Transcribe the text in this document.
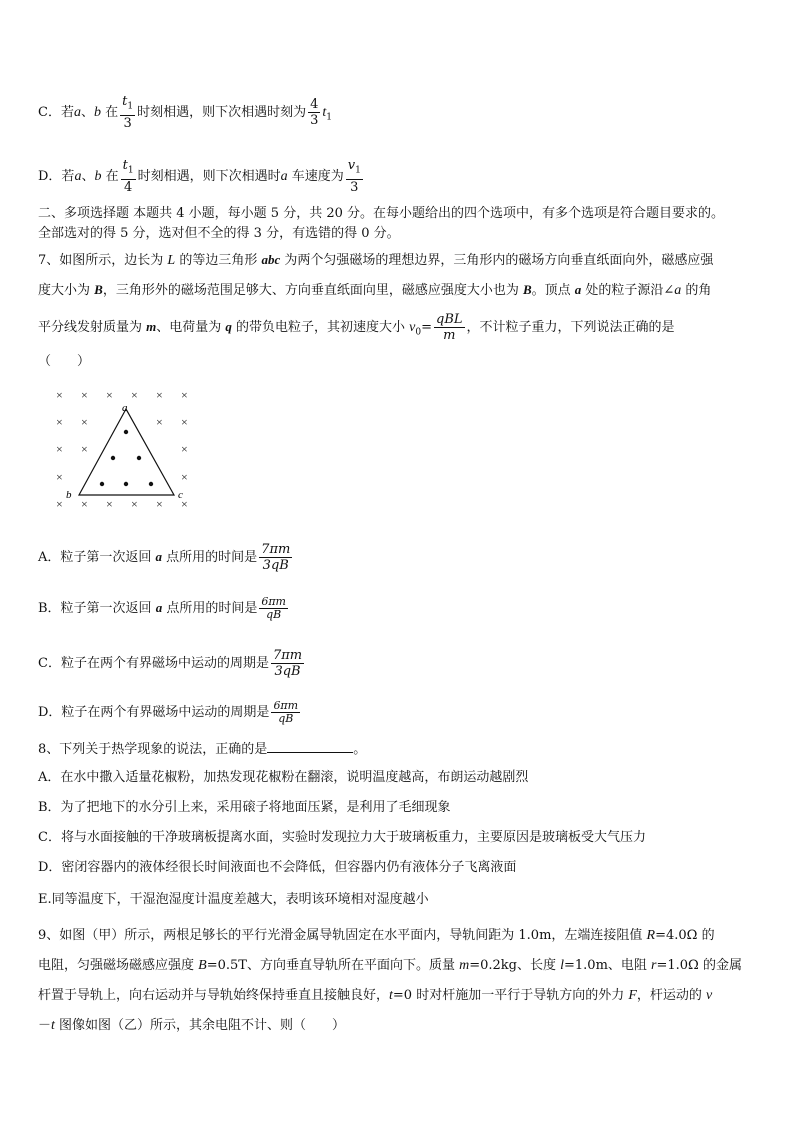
C．若a、b 在 $\frac{t_1}{3}$ 时刻相遇，则下次相遇时刻为 $\frac{4}{3} t_1$
D．若a、b 在 $\frac{t_1}{4}$ 时刻相遇，则下次相遇时a 车速度为 $\frac{v_1}{3}$
二、多项选择题 本题共 4 小题，每小题 5 分，共 20 分。在每小题给出的四个选项中，有多个选项是符合题目要求的。
全部选对的得 5 分，选对但不全的得 3 分，有选错的得 0 分。
7、如图所示，边长为 L 的等边三角形 abc 为两个匀强磁场的理想边界，三角形内的磁场方向垂直纸面向外，磁感应强
度大小为 B，三角形外的磁场范围足够大、方向垂直纸面向里，磁感应强度大小也为 B。顶点 a 处的粒子源沿∠a 的角
平分线发射质量为 m、电荷量为 q 的带负电粒子，其初速度大小 $v_0= \frac{\text{qBL}}{m}$ ，不计粒子重力，下列说法正确的是
（　　）
× × × × × ×
× ×	× ×
× ×	×
×	×
× × × × × ×
a
b	c
A．粒子第一次返回 a 点所用的时间是 $\frac{7\pi m}{3qB}$
B．粒子第一次返回 a 点所用的时间是 $\frac{6\pi m}{qB}$
C．粒子在两个有界磁场中运动的周期是 $\frac{7\pi m}{3qB}$
D．粒子在两个有界磁场中运动的周期是 $\frac{6\pi m}{qB}$
8、下列关于热学现象的说法，正确的是	。
A．在水中撒入适量花椒粉，加热发现花椒粉在翻滚，说明温度越高，布朗运动越剧烈
B．为了把地下的水分引上来，采用磙子将地面压紧，是利用了毛细现象
C．将与水面接触的干净玻璃板提离水面，实验时发现拉力大于玻璃板重力，主要原因是玻璃板受大气压力
D．密闭容器内的液体经很长时间液面也不会降低，但容器内仍有液体分子飞离液面
E.同等温度下，干湿泡湿度计温度差越大，表明该环境相对湿度越小
9、如图（甲）所示，两根足够长的平行光滑金属导轨固定在水平面内，导轨间距为 1.0m，左端连接阻值 R=4.0Ω 的
电阻，匀强磁场磁感应强度 B=0.5T、方向垂直导轨所在平面向下。质量 m=0.2kg、长度 l=1.0m、电阻 r=1.0Ω 的金属
杆置于导轨上，向右运动并与导轨始终保持垂直且接触良好，t=0 时对杆施加一平行于导轨方向的外力 F，杆运动的 v
－t 图像如图（乙）所示，其余电阻不计、则（　　）
